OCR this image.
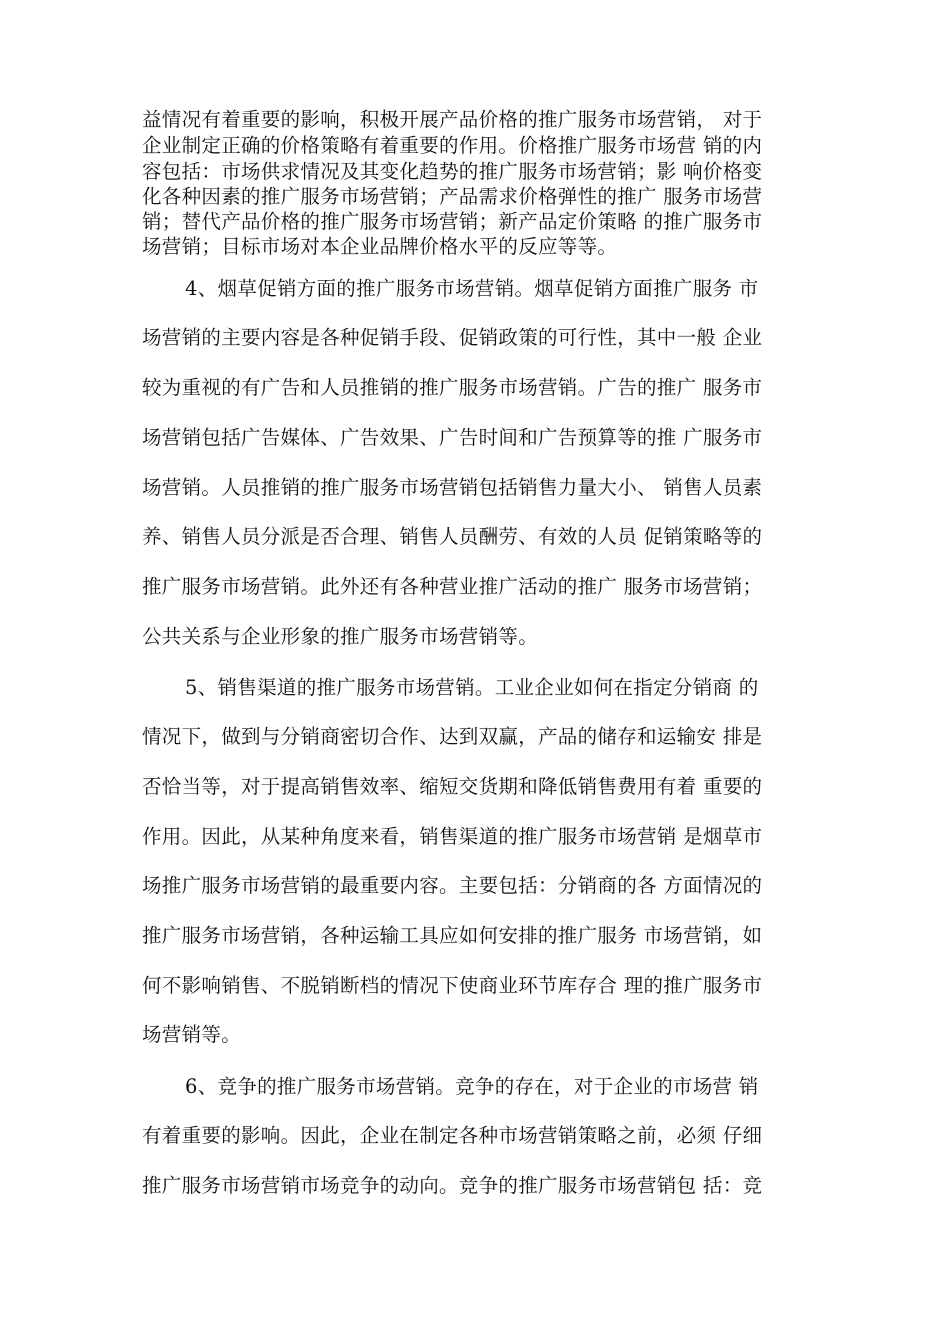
益情况有着重要的影响，积极开展产品价格的推广服务市场营销， 对于
企业制定正确的价格策略有着重要的作用。价格推广服务市场营 销的内
容包括：市场供求情况及其变化趋势的推广服务市场营销；影 响价格变
化各种因素的推广服务市场营销；产品需求价格弹性的推广 服务市场营
销；替代产品价格的推广服务市场营销；新产品定价策略 的推广服务市
场营销；目标市场对本企业品牌价格水平的反应等等。
4、烟草促销方面的推广服务市场营销。烟草促销方面推广服务 市
场营销的主要内容是各种促销手段、促销政策的可行性，其中一般 企业
较为重视的有广告和人员推销的推广服务市场营销。广告的推广 服务市
场营销包括广告媒体、广告效果、广告时间和广告预算等的推 广服务市
场营销。人员推销的推广服务市场营销包括销售力量大小、 销售人员素
养、销售人员分派是否合理、销售人员酬劳、有效的人员 促销策略等的
推广服务市场营销。此外还有各种营业推广活动的推广 服务市场营销；
公共关系与企业形象的推广服务市场营销等。
5、销售渠道的推广服务市场营销。工业企业如何在指定分销商 的
情况下，做到与分销商密切合作、达到双赢，产品的储存和运输安 排是
否恰当等，对于提高销售效率、缩短交货期和降低销售费用有着 重要的
作用。因此，从某种角度来看，销售渠道的推广服务市场营销 是烟草市
场推广服务市场营销的最重要内容。主要包括：分销商的各 方面情况的
推广服务市场营销，各种运输工具应如何安排的推广服务 市场营销，如
何不影响销售、不脱销断档的情况下使商业环节库存合 理的推广服务市
场营销等。
6、竞争的推广服务市场营销。竞争的存在，对于企业的市场营 销
有着重要的影响。因此，企业在制定各种市场营销策略之前，必须 仔细
推广服务市场营销市场竞争的动向。竞争的推广服务市场营销包 括：竞
